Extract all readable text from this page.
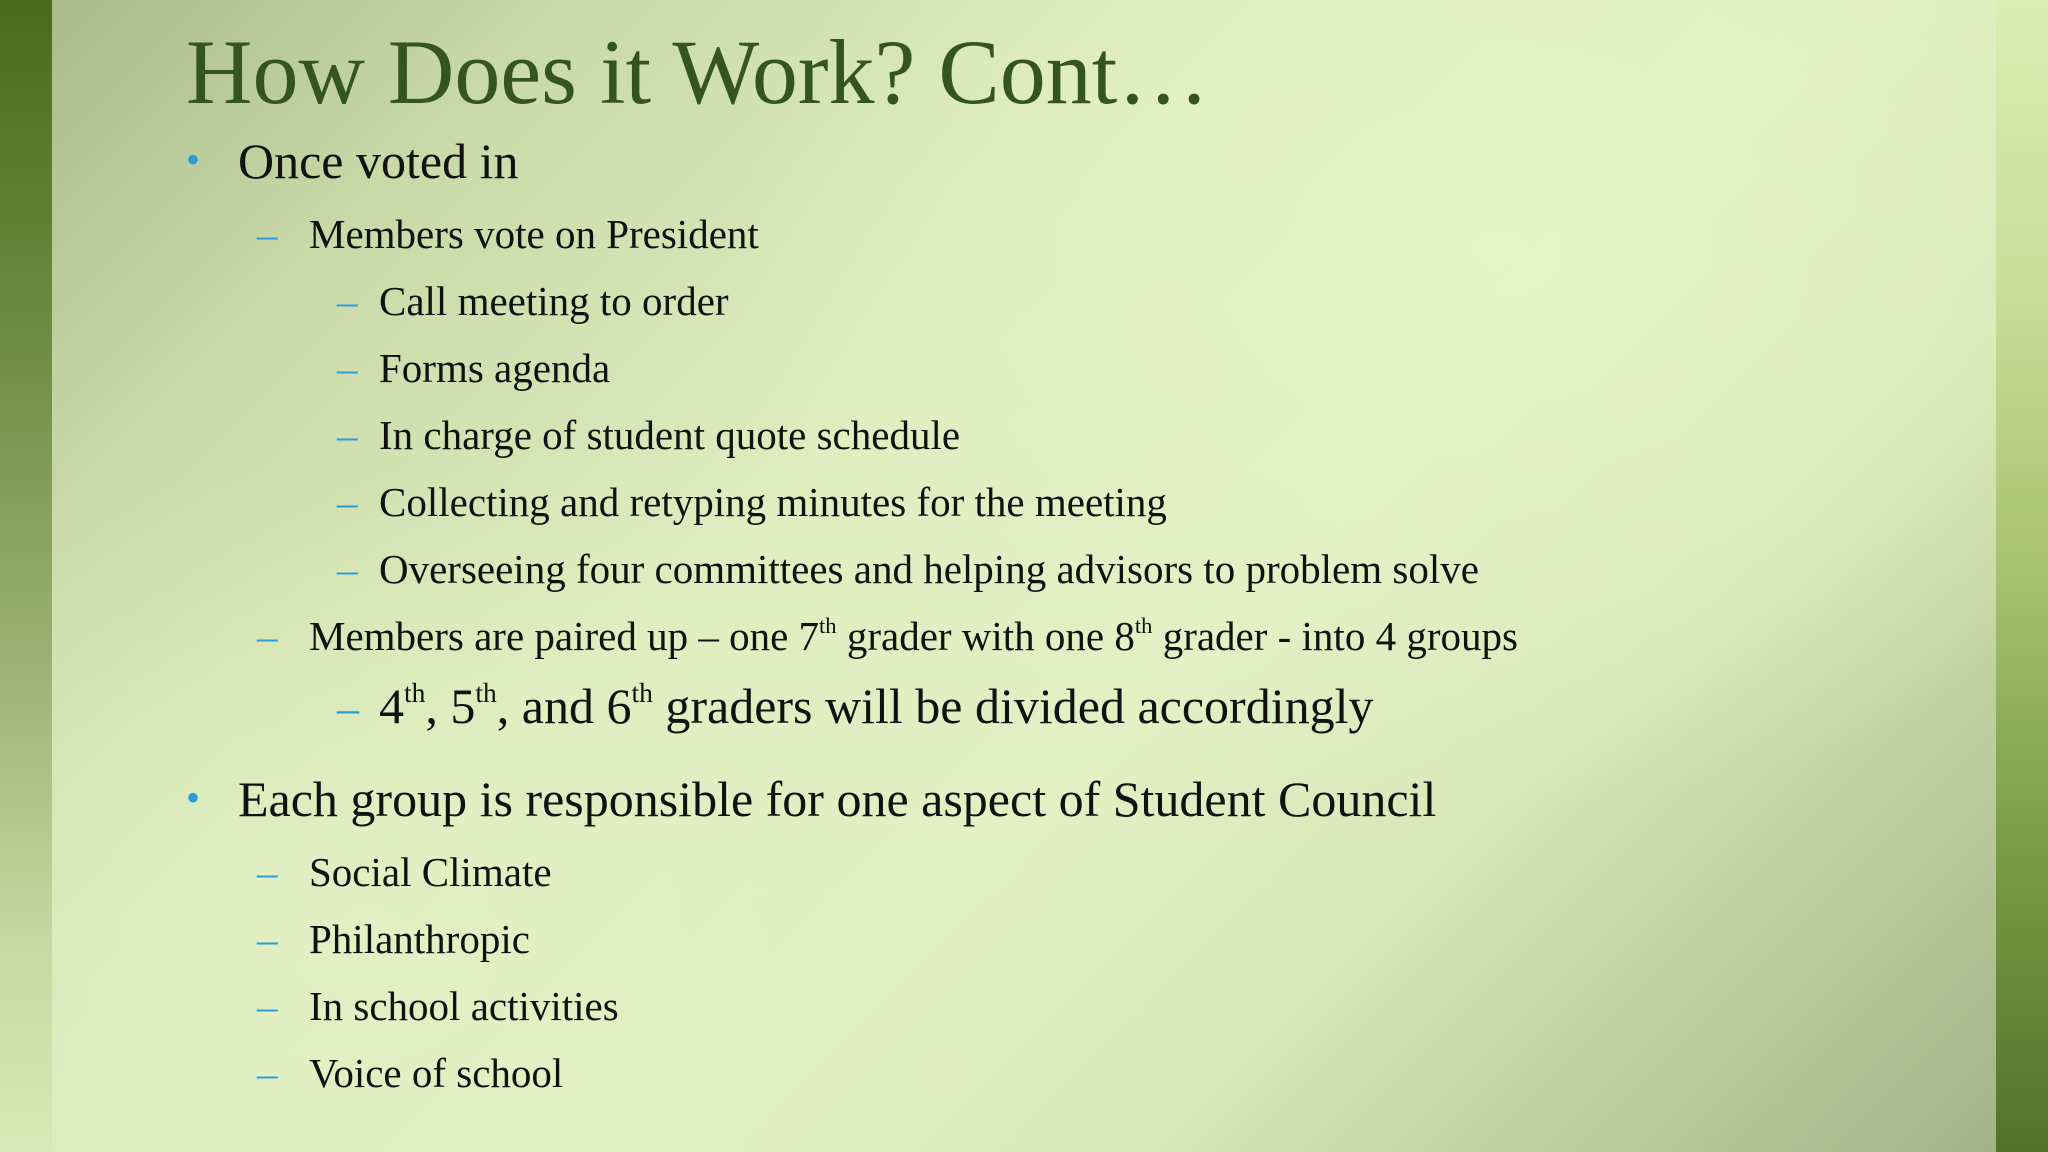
How Does it Work? Cont…
• Once voted in
– Members vote on President
– Call meeting to order
– Forms agenda
– In charge of student quote schedule
– Collecting and retyping minutes for the meeting
– Overseeing four committees and helping advisors to problem solve
– Members are paired up – one 7th grader with one 8th grader - into 4 groups
– 4th, 5th, and 6th graders will be divided accordingly
• Each group is responsible for one aspect of Student Council
– Social Climate
– Philanthropic
– In school activities
– Voice of school
